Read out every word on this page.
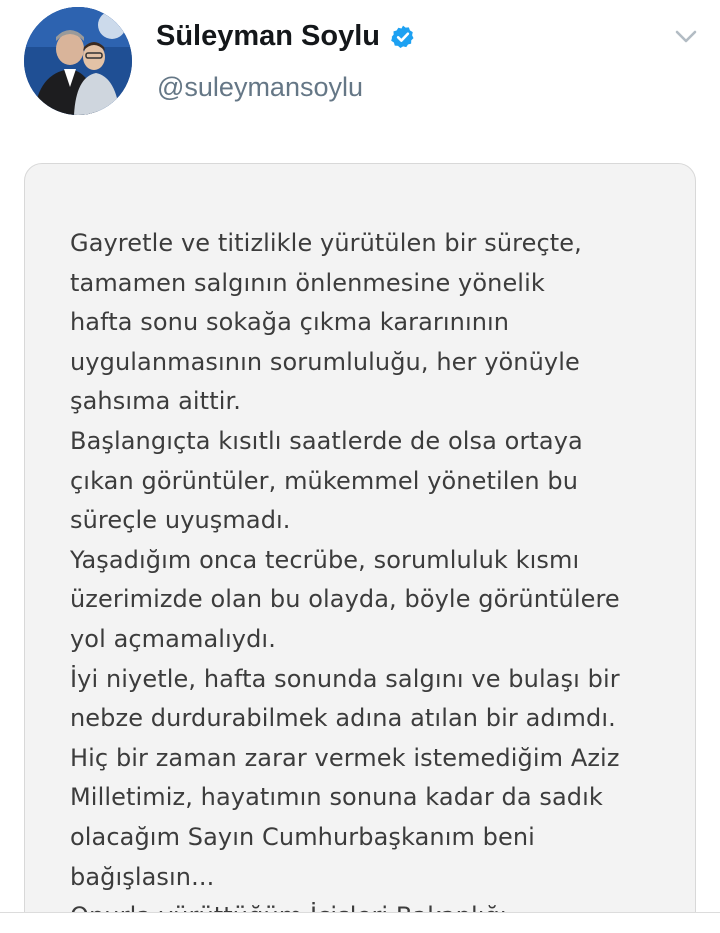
Süleyman Soylu
@suleymansoylu
Gayretle ve titizlikle yürütülen bir süreçte,
tamamen salgının önlenmesine yönelik
hafta sonu sokağa çıkma kararınının
uygulanmasının sorumluluğu, her yönüyle
şahsıma aittir.
Başlangıçta kısıtlı saatlerde de olsa ortaya
çıkan görüntüler, mükemmel yönetilen bu
süreçle uyuşmadı.
Yaşadığım onca tecrübe, sorumluluk kısmı
üzerimizde olan bu olayda, böyle görüntülere
yol açmamalıydı.
İyi niyetle, hafta sonunda salgını ve bulaşı bir
nebze durdurabilmek adına atılan bir adımdı.
Hiç bir zaman zarar vermek istemediğim Aziz
Milletimiz, hayatımın sonuna kadar da sadık
olacağım Sayın Cumhurbaşkanım beni
bağışlasın...
